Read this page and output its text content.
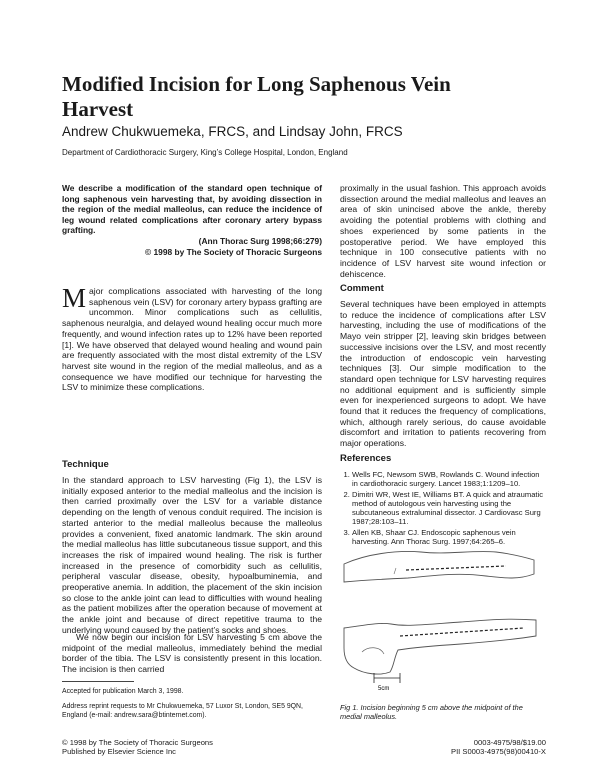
Modified Incision for Long Saphenous Vein Harvest
Andrew Chukwuemeka, FRCS, and Lindsay John, FRCS
Department of Cardiothoracic Surgery, King’s College Hospital, London, England
We describe a modification of the standard open technique of long saphenous vein harvesting that, by avoiding dissection in the region of the medial malleolus, can reduce the incidence of leg wound related complications after coronary artery bypass grafting.
(Ann Thorac Surg 1998;66:279)
© 1998 by The Society of Thoracic Surgeons
Major complications associated with harvesting of the long saphenous vein (LSV) for coronary artery bypass grafting are uncommon. Minor complications such as cellulitis, saphenous neuralgia, and delayed wound healing occur much more frequently, and wound infection rates up to 12% have been reported [1]. We have observed that delayed wound healing and wound pain are frequently associated with the most distal extremity of the LSV harvest site wound in the region of the medial malleolus, and as a consequence we have modified our technique for harvesting the LSV to minimize these complications.
Technique
In the standard approach to LSV harvesting (Fig 1), the LSV is initially exposed anterior to the medial malleolus and the incision is then carried proximally over the LSV for a variable distance depending on the length of venous conduit required. The incision is started anterior to the medial malleolus because the malleolus provides a convenient, fixed anatomic landmark. The skin around the medial malleolus has little subcutaneous tissue support, and this increases the risk of impaired wound healing. The risk is further increased in the presence of comorbidity such as cellulitis, peripheral vascular disease, obesity, hypoalbuminemia, and preoperative anemia. In addition, the placement of the skin incision so close to the ankle joint can lead to difficulties with wound healing as the patient mobilizes after the operation because of movement at the ankle joint and because of direct repetitive trauma to the underlying wound caused by the patient’s socks and shoes.
We now begin our incision for LSV harvesting 5 cm above the midpoint of the medial malleolus, immediately behind the medial border of the tibia. The LSV is consistently present in this location. The incision is then carried
Accepted for publication March 3, 1998.
Address reprint requests to Mr Chukwuemeka, 57 Luxor St, London, SE5 9QN, England (e-mail: andrew.sara@btinternet.com).
proximally in the usual fashion. This approach avoids dissection around the medial malleolus and leaves an area of skin unincised above the ankle, thereby avoiding the potential problems with clothing and shoes experienced by some patients in the postoperative period. We have employed this technique in 100 consecutive patients with no incidence of LSV harvest site wound infection or dehiscence.
Comment
Several techniques have been employed in attempts to reduce the incidence of complications after LSV harvesting, including the use of modifications of the Mayo vein stripper [2], leaving skin bridges between successive incisions over the LSV, and most recently the introduction of endoscopic vein harvesting techniques [3]. Our simple modification to the standard open technique for LSV harvesting requires no additional equipment and is sufficiently simple even for inexperienced surgeons to adopt. We have found that it reduces the frequency of complications, which, although rarely serious, do cause avoidable discomfort and irritation to patients recovering from major operations.
References
1. Wells FC, Newsom SWB, Rowlands C. Wound infection in cardiothoracic surgery. Lancet 1983;1:1209–10.
2. Dimitri WR, West IE, Williams BT. A quick and atraumatic method of autologous vein harvesting using the subcutaneous extraluminal dissector. J Cardiovasc Surg 1987;28:103–11.
3. Allen KB, Shaar CJ. Endoscopic saphenous vein harvesting. Ann Thorac Surg. 1997;64:265–6.
5cm
Fig 1. Incision beginning 5 cm above the midpoint of the medial malleolus.
© 1998 by The Society of Thoracic Surgeons
Published by Elsevier Science Inc
0003-4975/98/$19.00
PII S0003-4975(98)00410-X
